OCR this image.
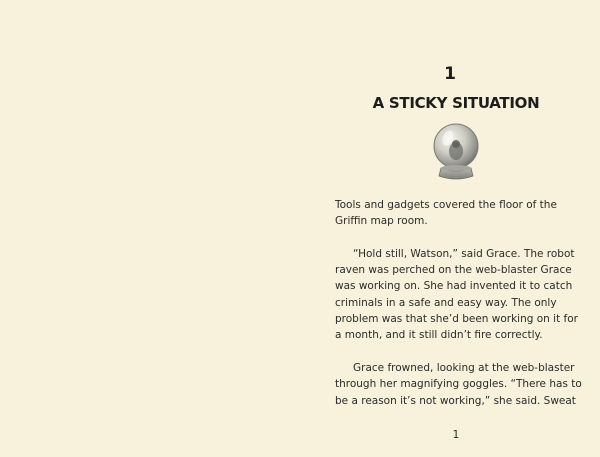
1
A STICKY SITUATION

Tools and gadgets covered the floor of the
Griffin map room.

“Hold still, Watson,” said Grace. The robot
raven was perched on the web-blaster Grace
was working on. She had invented it to catch
criminals in a safe and easy way. The only
problem was that she’d been working on it for
a month, and it still didn’t fire correctly.

Grace frowned, looking at the web-blaster
through her magnifying goggles. “There has to
be a reason it’s not working,” she said. Sweat

1
